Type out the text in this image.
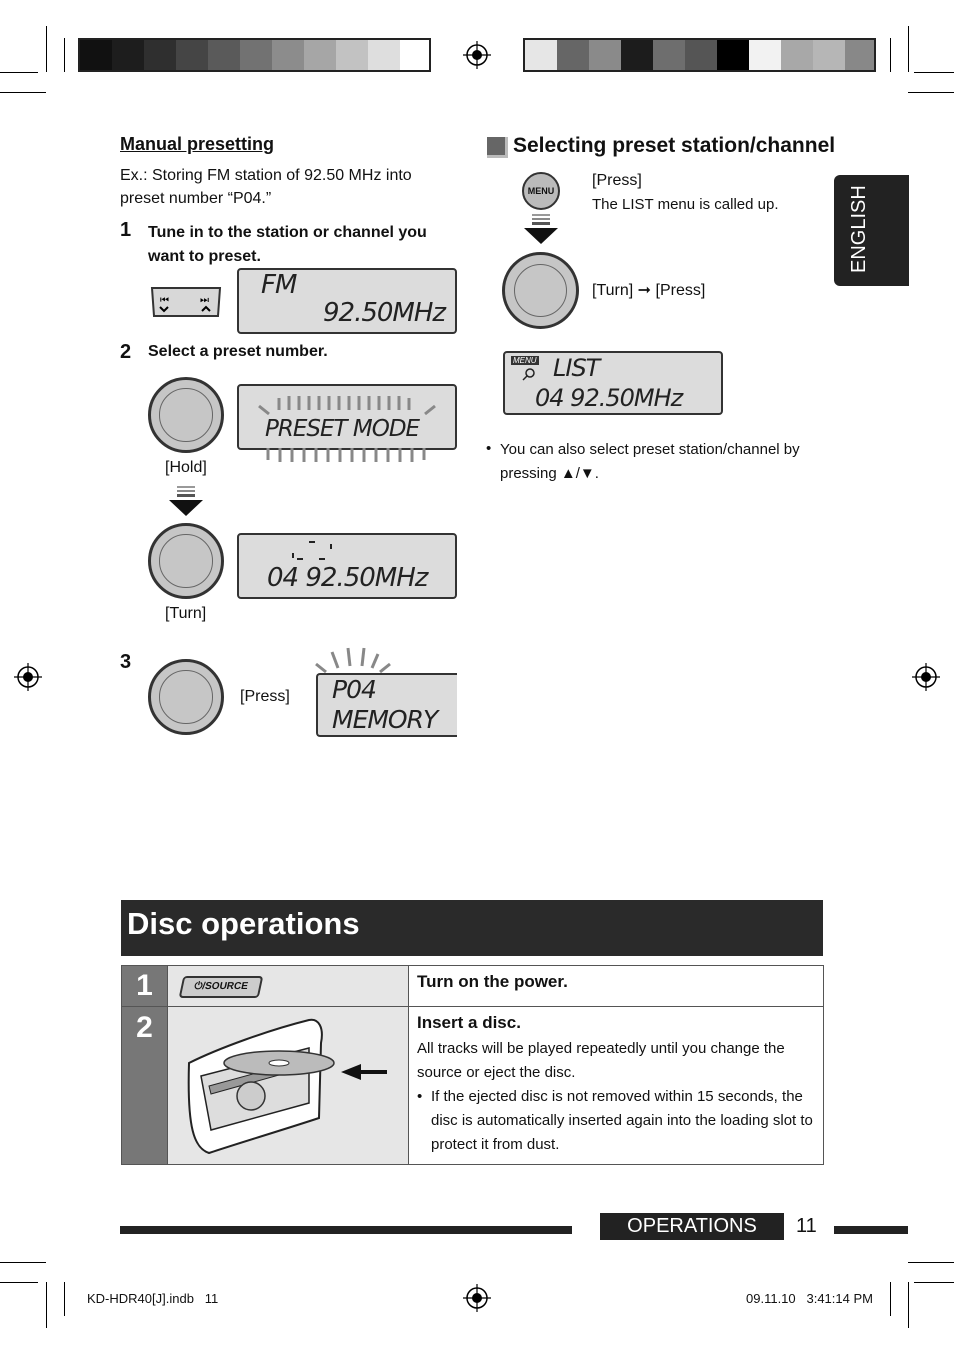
Manual presetting
Ex.: Storing FM station of 92.50 MHz into preset number “P04.”
1 Tune in to the station or channel you want to preset.
⏮	⏭
FM
92.50MHz
2 Select a preset number.
[Hold]
PRESET MODE
[Turn]
04 92.50MHz
3
[Press] P04
MEMORY
Selecting preset station/channel
MENU
[Press]
The LIST menu is called up.
[Turn] ➞ [Press]
MENU LIST
04 92.50MHz
• You can also select preset station/channel by pressing ▲/▼.
ENGLISH
Disc operations
1	⏻/SOURCE	Turn on the power.
2		Insert a disc.
All tracks will be played repeatedly until you change the source or eject the disc.
• If the ejected disc is not removed within 15 seconds, the disc is automatically inserted again into the loading slot to protect it from dust.
OPERATIONS	11
KD-HDR40[J].indb   11	09.11.10   3:41:14 PM
